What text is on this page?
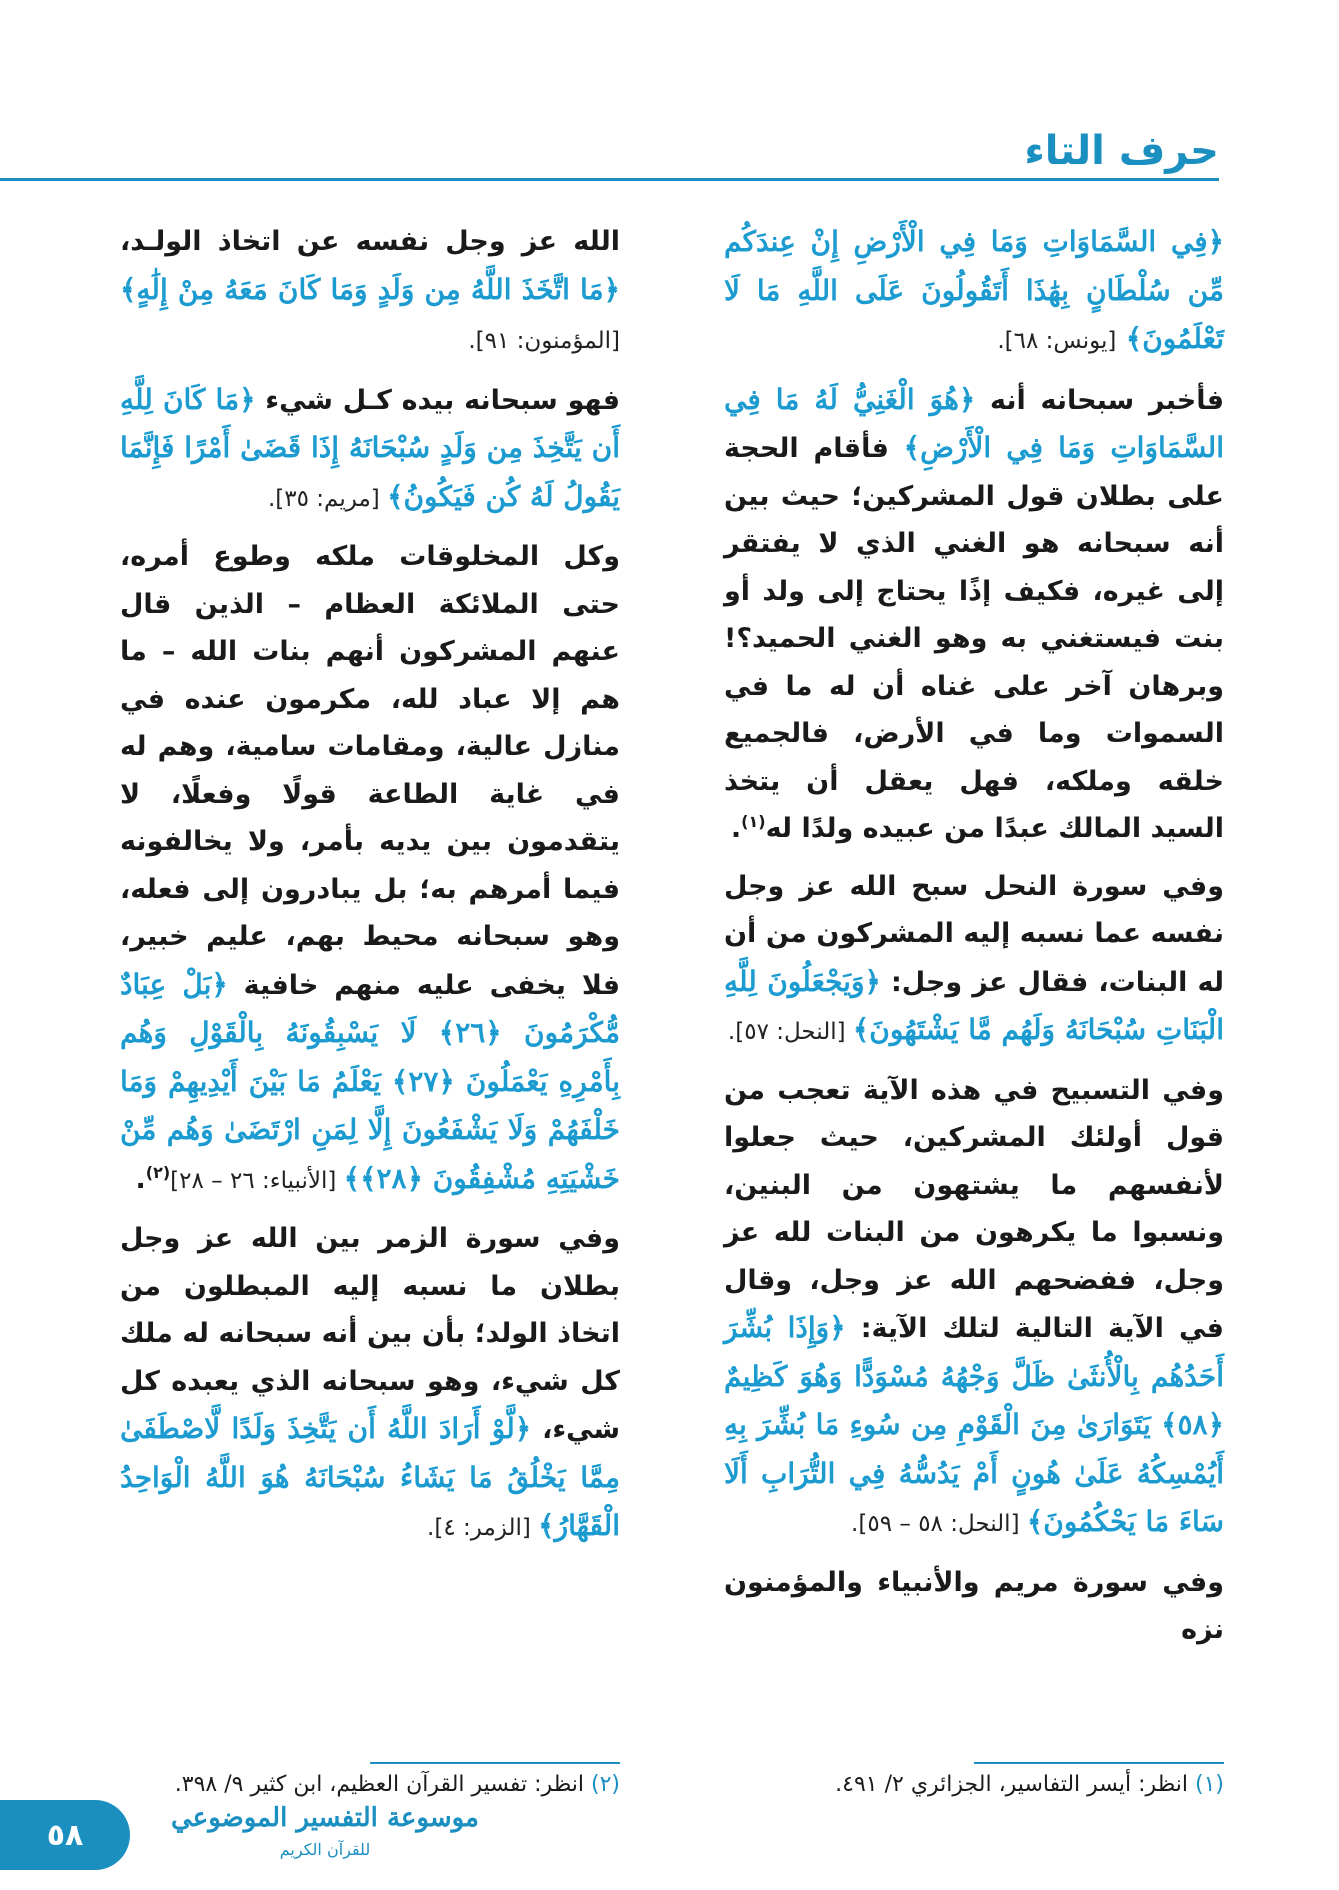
حرف التاء

﴿فِي السَّمَاوَاتِ وَمَا فِي الْأَرْضِ إِنْ عِندَكُم مِّن سُلْطَانٍ بِهَٰذَا أَتَقُولُونَ عَلَى اللَّهِ مَا لَا تَعْلَمُونَ﴾ [يونس: ٦٨].

فأخبر سبحانه أنه ﴿هُوَ الْغَنِيُّ لَهُ مَا فِي السَّمَاوَاتِ وَمَا فِي الْأَرْضِ﴾ فأقام الحجة على بطلان قول المشركين؛ حيث بين أنه سبحانه هو الغني الذي لا يفتقر إلى غيره، فكيف إذًا يحتاج إلى ولد أو بنت فيستغني به وهو الغني الحميد؟! وبرهان آخر على غناه أن له ما في السموات وما في الأرض، فالجميع خلقه وملكه، فهل يعقل أن يتخذ السيد المالك عبدًا من عبيده ولدًا له$^{(١)}$.

وفي سورة النحل سبح الله عز وجل نفسه عما نسبه إليه المشركون من أن له البنات، فقال عز وجل: ﴿وَيَجْعَلُونَ لِلَّهِ الْبَنَاتِ سُبْحَانَهُ وَلَهُم مَّا يَشْتَهُونَ﴾ [النحل: ٥٧].

وفي التسبيح في هذه الآية تعجب من قول أولئك المشركين، حيث جعلوا لأنفسهم ما يشتهون من البنين، ونسبوا ما يكرهون من البنات لله عز وجل، ففضحهم الله عز وجل، وقال في الآية التالية لتلك الآية: ﴿وَإِذَا بُشِّرَ أَحَدُهُم بِالْأُنثَىٰ ظَلَّ وَجْهُهُ مُسْوَدًّا وَهُوَ كَظِيمٌ ﴿٥٨﴾ يَتَوَارَىٰ مِنَ الْقَوْمِ مِن سُوءِ مَا بُشِّرَ بِهِ أَيُمْسِكُهُ عَلَىٰ هُونٍ أَمْ يَدُسُّهُ فِي التُّرَابِ أَلَا سَاءَ مَا يَحْكُمُونَ﴾ [النحل: ٥٨ – ٥٩].

وفي سورة مريم والأنبياء والمؤمنون نزه

الله عز وجل نفسه عن اتخاذ الولـد، ﴿مَا اتَّخَذَ اللَّهُ مِن وَلَدٍ وَمَا كَانَ مَعَهُ مِنْ إِلَٰهٍ﴾ [المؤمنون: ٩١].

فهو سبحانه بيده كـل شيء ﴿مَا كَانَ لِلَّهِ أَن يَتَّخِذَ مِن وَلَدٍ سُبْحَانَهُ إِذَا قَضَىٰ أَمْرًا فَإِنَّمَا يَقُولُ لَهُ كُن فَيَكُونُ﴾ [مريم: ٣٥].

وكل المخلوقات ملكه وطوع أمره، حتى الملائكة العظام – الذين قال عنهم المشركون أنهم بنات الله – ما هم إلا عباد لله، مكرمون عنده في منازل عالية، ومقامات سامية، وهم له في غاية الطاعة قولًا وفعلًا، لا يتقدمون بين يديه بأمر، ولا يخالفونه فيما أمرهم به؛ بل يبادرون إلى فعله، وهو سبحانه محيط بهم، عليم خبير، فلا يخفى عليه منهم خافية ﴿بَلْ عِبَادٌ مُّكْرَمُونَ ﴿٢٦﴾ لَا يَسْبِقُونَهُ بِالْقَوْلِ وَهُم بِأَمْرِهِ يَعْمَلُونَ ﴿٢٧﴾ يَعْلَمُ مَا بَيْنَ أَيْدِيهِمْ وَمَا خَلْفَهُمْ وَلَا يَشْفَعُونَ إِلَّا لِمَنِ ارْتَضَىٰ وَهُم مِّنْ خَشْيَتِهِ مُشْفِقُونَ ﴿٢٨﴾﴾ [الأنبياء: ٢٦ – ٢٨]$^{(٢)}$.

وفي سورة الزمر بين الله عز وجل بطلان ما نسبه إليه المبطلون من اتخاذ الولد؛ بأن بين أنه سبحانه له ملك كل شيء، وهو سبحانه الذي يعبده كل شيء، ﴿لَّوْ أَرَادَ اللَّهُ أَن يَتَّخِذَ وَلَدًا لَّاصْطَفَىٰ مِمَّا يَخْلُقُ مَا يَشَاءُ سُبْحَانَهُ هُوَ اللَّهُ الْوَاحِدُ الْقَهَّارُ﴾ [الزمر: ٤].

(١) انظر: أيسر التفاسير، الجزائري ٢/ ٤٩١.
(٢) انظر: تفسير القرآن العظيم، ابن كثير ٩/ ٣٩٨.
٥٨	موسوعة التفسير الموضوعي
للقرآن الكريم
